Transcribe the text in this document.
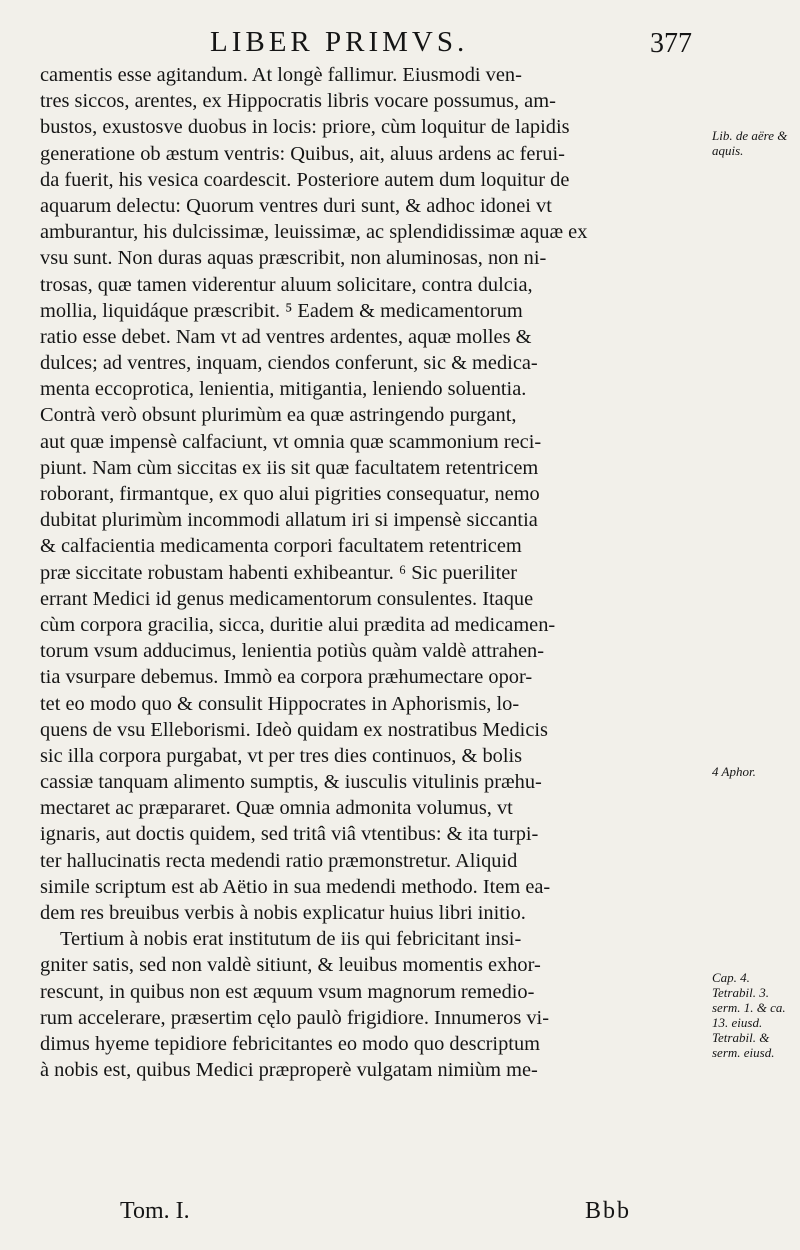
LIBER PRIMVS.	377
camentis esse agitandum. At longè fallimur. Eiusmodi ven-
tres siccos, arentes, ex Hippocratis libris vocare possumus, am-
bustos, exustosve duobus in locis: priore, cùm loquitur de lapidis
generatione ob æstum ventris: Quibus, ait, aluus ardens ac ferui-
da fuerit, his vesica coardescit. Posteriore autem dum loquitur de
aquarum delectu: Quorum ventres duri sunt, & adhoc idonei vt
amburantur, his dulcissimæ, leuissimæ, ac splendidissimæ aquæ ex
vsu sunt. Non duras aquas præscribit, non aluminosas, non ni-
trosas, quæ tamen viderentur aluum solicitare, contra dulcia,
mollia, liquidáque præscribit. ⁵ Eadem & medicamentorum
ratio esse debet. Nam vt ad ventres ardentes, aquæ molles &
dulces; ad ventres, inquam, ciendos conferunt, sic & medica-
menta eccoprotica, lenientia, mitigantia, leniendo soluentia.
Contrà verò obsunt plurimùm ea quæ astringendo purgant,
aut quæ impensè calfaciunt, vt omnia quæ scammonium reci-
piunt. Nam cùm siccitas ex iis sit quæ facultatem retentricem
roborant, firmantque, ex quo alui pigrities consequatur, nemo
dubitat plurimùm incommodi allatum iri si impensè siccantia
& calfacientia medicamenta corpori facultatem retentricem
præ siccitate robustam habenti exhibeantur. ⁶ Sic pueriliter
errant Medici id genus medicamentorum consulentes. Itaque
cùm corpora gracilia, sicca, duritie alui prædita ad medicamen-
torum vsum adducimus, lenientia potiùs quàm valdè attrahen-
tia vsurpare debemus. Immò ea corpora præhumectare opor-
tet eo modo quo & consulit Hippocrates in Aphorismis, lo-
quens de vsu Elleborismi. Ideò quidam ex nostratibus Medicis
sic illa corpora purgabat, vt per tres dies continuos, & bolis
cassiæ tanquam alimento sumptis, & iusculis vitulinis præhu-
mectaret ac præpararet. Quæ omnia admonita volumus, vt
ignaris, aut doctis quidem, sed tritâ viâ vtentibus: & ita turpi-
ter hallucinatis recta medendi ratio præmonstretur. Aliquid
simile scriptum est ab Aëtio in sua medendi methodo. Item ea-
dem res breuibus verbis à nobis explicatur huius libri initio.
Tertium à nobis erat institutum de iis qui febricitant insi-
gniter satis, sed non valdè sitiunt, & leuibus momentis exhor-
rescunt, in quibus non est æquum vsum magnorum remedio-
rum accelerare, præsertim cęlo paulò frigidiore. Innumeros vi-
dimus hyeme tepidiore febricitantes eo modo quo descriptum
à nobis est, quibus Medici præproperè vulgatam nimiùm me-
Lib. de aëre & aquis.
4 Aphor.
Cap. 4. Tetrabil. 3. serm. 1. & ca. 13. eiusd. Tetrabil. & serm. eiusd.
Tom. I.	Bbb
